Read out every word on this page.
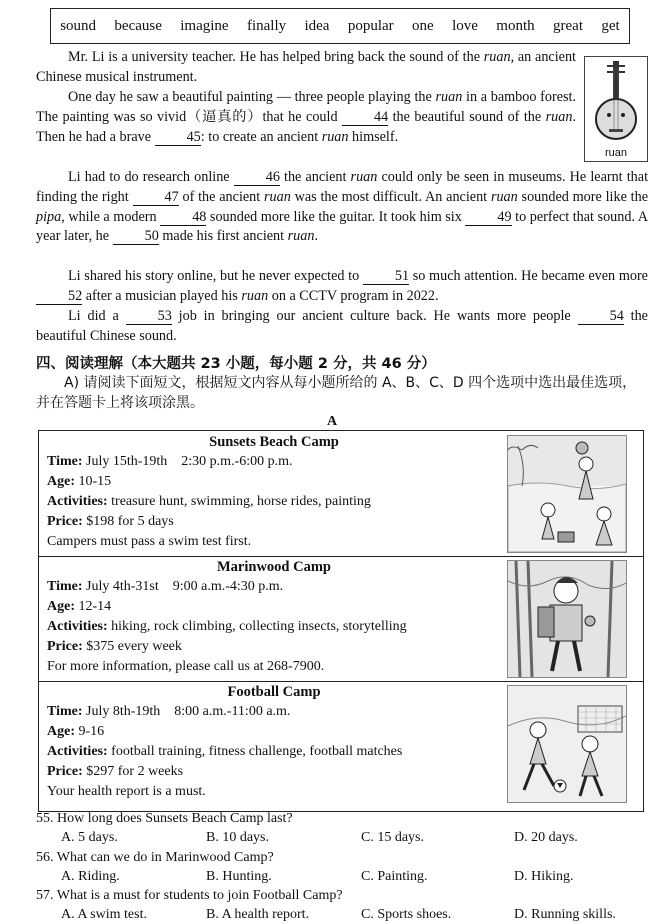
sound because imagine finally idea popular one love month great get
Mr. Li is a university teacher. He has helped bring back the sound of the ruan, an ancient Chinese musical instrument.
One day he saw a beautiful painting — three people playing the ruan in a bamboo forest. The painting was so vivid（逼真的）that he could 44 the beautiful sound of the ruan. Then he had a brave 45: to create an ancient ruan himself.
ruan
Li had to do research online 46 the ancient ruan could only be seen in museums. He learnt that finding the right 47 of the ancient ruan was the most difficult. An ancient ruan sounded more like the pipa, while a modern 48 sounded more like the guitar. It took him six 49 to perfect that sound. A year later, he 50 made his first ancient ruan.
Li shared his story online, but he never expected to 51 so much attention. He became even more 52 after a musician played his ruan on a CCTV program in 2022.
Li did a 53 job in bringing our ancient culture back. He wants more people 54 the beautiful Chinese sound.
四、阅读理解（本大题共 23 小题，每小题 2 分，共 46 分）
A) 请阅读下面短文，根据短文内容从每小题所给的 A、B、C、D 四个选项中选出最佳选项，并在答题卡上将该项涂黑。
A
Sunsets Beach Camp
Time: July 15th-19th    2:30 p.m.-6:00 p.m.
Age: 10-15
Activities: treasure hunt, swimming, horse rides, painting
Price: $198 for 5 days
Campers must pass a swim test first.
Marinwood Camp
Time: July 4th-31st    9:00 a.m.-4:30 p.m.
Age: 12-14
Activities: hiking, rock climbing, collecting insects, storytelling
Price: $375 every week
For more information, please call us at 268-7900.
Football Camp
Time: July 8th-19th    8:00 a.m.-11:00 a.m.
Age: 9-16
Activities: football training, fitness challenge, football matches
Price: $297 for 2 weeks
Your health report is a must.
55. How long does Sunsets Beach Camp last?
A. 5 days.	B. 10 days.	C. 15 days.	D. 20 days.
56. What can we do in Marinwood Camp?
A. Riding.	B. Hunting.	C. Painting.	D. Hiking.
57. What is a must for students to join Football Camp?
A. A swim test.	B. A health report.	C. Sports shoes.	D. Running skills.
